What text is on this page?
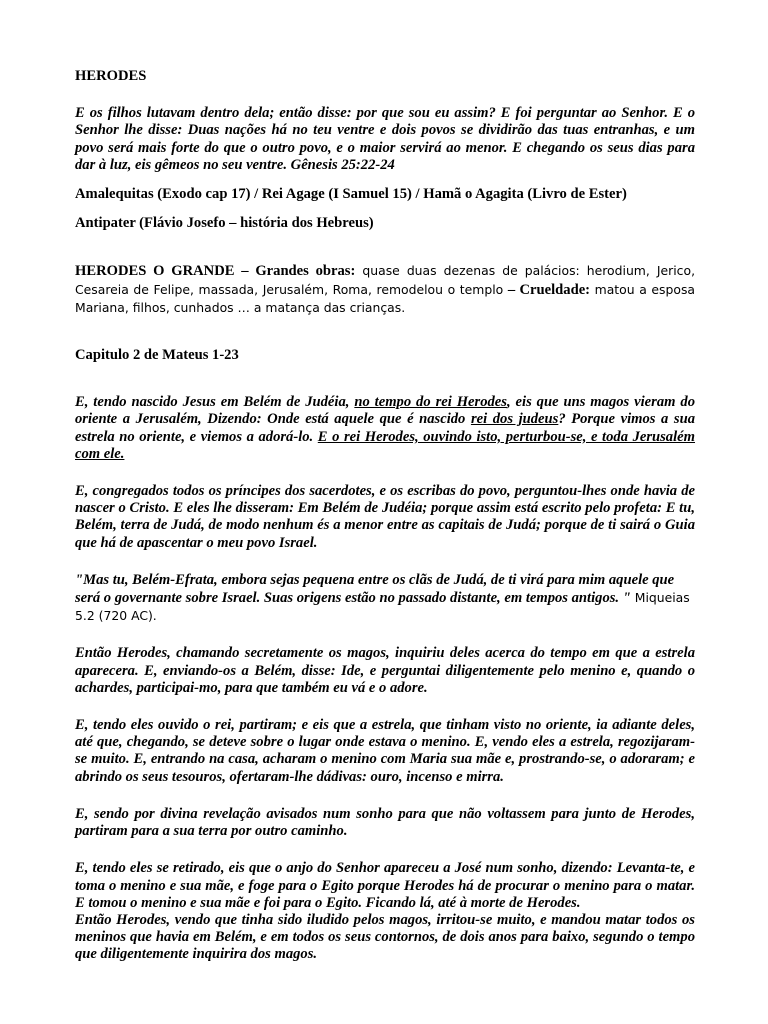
HERODES

E os filhos lutavam dentro dela; então disse: por que sou eu assim? E foi perguntar ao Senhor. E o Senhor lhe disse: Duas nações há no teu ventre e dois povos se dividirão das tuas entranhas, e um povo será mais forte do que o outro povo, e o maior servirá ao menor. E chegando os seus dias para dar à luz, eis gêmeos no seu ventre. Gênesis 25:22-24

Amalequitas (Exodo cap 17) / Rei Agage (I Samuel 15) / Hamã o Agagita (Livro de Ester)

Antipater (Flávio Josefo – história dos Hebreus)

HERODES O GRANDE – Grandes obras: quase duas dezenas de palácios: herodium, Jerico, Cesareia de Felipe, massada, Jerusalém, Roma, remodelou o templo – Crueldade: matou a esposa Mariana, filhos, cunhados … a matança das crianças.

Capitulo 2 de Mateus 1-23

E, tendo nascido Jesus em Belém de Judéia, no tempo do rei Herodes, eis que uns magos vieram do oriente a Jerusalém, Dizendo: Onde está aquele que é nascido rei dos judeus? Porque vimos a sua estrela no oriente, e viemos a adorá-lo. E o rei Herodes, ouvindo isto, perturbou-se, e toda Jerusalém com ele.

E, congregados todos os príncipes dos sacerdotes, e os escribas do povo, perguntou-lhes onde havia de nascer o Cristo. E eles lhe disseram: Em Belém de Judéia; porque assim está escrito pelo profeta: E tu, Belém, terra de Judá, de modo nenhum és a menor entre as capitais de Judá; porque de ti sairá o Guia que há de apascentar o meu povo Israel.

"Mas tu, Belém-Efrata, embora sejas pequena entre os clãs de Judá, de ti virá para mim aquele que será o governante sobre Israel. Suas origens estão no passado distante, em tempos antigos. " Miqueias 5.2 (720 AC).

Então Herodes, chamando secretamente os magos, inquiriu deles acerca do tempo em que a estrela aparecera. E, enviando-os a Belém, disse: Ide, e perguntai diligentemente pelo menino e, quando o achardes, participai-mo, para que também eu vá e o adore.

E, tendo eles ouvido o rei, partiram; e eis que a estrela, que tinham visto no oriente, ia adiante deles, até que, chegando, se deteve sobre o lugar onde estava o menino. E, vendo eles a estrela, regozijaram-se muito. E, entrando na casa, acharam o menino com Maria sua mãe e, prostrando-se, o adoraram; e abrindo os seus tesouros, ofertaram-lhe dádivas: ouro, incenso e mirra.

E, sendo por divina revelação avisados num sonho para que não voltassem para junto de Herodes, partiram para a sua terra por outro caminho.

E, tendo eles se retirado, eis que o anjo do Senhor apareceu a José num sonho, dizendo: Levanta-te, e toma o menino e sua mãe, e foge para o Egito porque Herodes há de procurar o menino para o matar. E tomou o menino e sua mãe e foi para o Egito. Ficando lá, até à morte de Herodes.

Então Herodes, vendo que tinha sido iludido pelos magos, irritou-se muito, e mandou matar todos os meninos que havia em Belém, e em todos os seus contornos, de dois anos para baixo, segundo o tempo que diligentemente inquirira dos magos.
